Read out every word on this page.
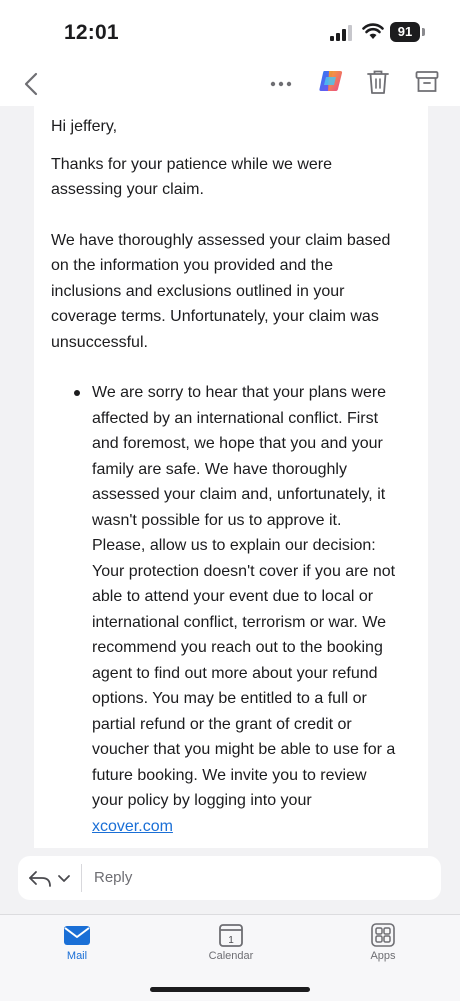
12:01	91

Hi jeffery,

Thanks for your patience while we were assessing your claim.

We have thoroughly assessed your claim based on the information you provided and the inclusions and exclusions outlined in your coverage terms. Unfortunately, your claim was unsuccessful.

We are sorry to hear that your plans were affected by an international conflict. First and foremost, we hope that you and your family are safe. We have thoroughly assessed your claim and, unfortunately, it wasn't possible for us to approve it. Please, allow us to explain our decision: Your protection doesn't cover if you are not able to attend your event due to local or international conflict, terrorism or war. We recommend you reach out to the booking agent to find out more about your refund options. You may be entitled to a full or partial refund or the grant of credit or voucher that you might be able to use for a future booking. We invite you to review your policy by logging into your xcover.com
Reply
Mail
1
Calendar	Apps
